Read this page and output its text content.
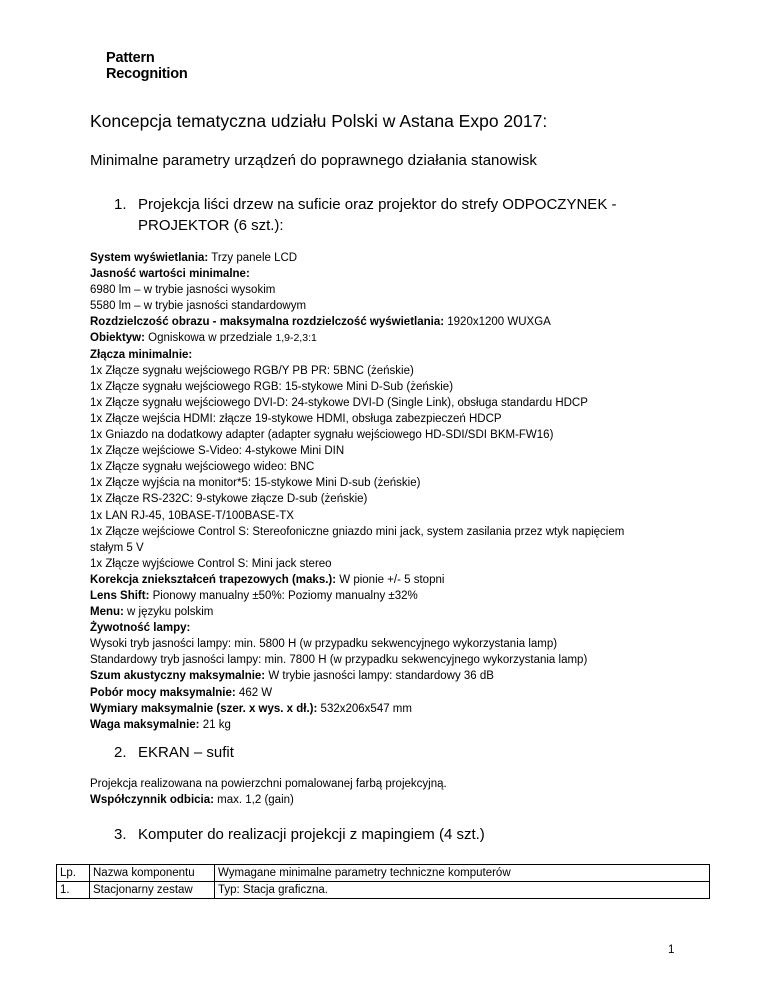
Pattern
Recognition
Koncepcja tematyczna udziału Polski w Astana Expo 2017:
Minimalne parametry urządzeń do poprawnego działania stanowisk
1. Projekcja liści drzew na suficie oraz projektor do strefy ODPOCZYNEK - PROJEKTOR (6 szt.):
System wyświetlania: Trzy panele LCD
Jasność wartości minimalne:
6980 lm – w trybie jasności wysokim
5580 lm – w trybie jasności standardowym
Rozdzielczość obrazu - maksymalna rozdzielczość wyświetlania: 1920x1200 WUXGA
Obiektyw: Ogniskowa w przedziale 1,9-2,3:1
Złącza minimalnie:
1x Złącze sygnału wejściowego RGB/Y PB PR: 5BNC (żeńskie)
1x Złącze sygnału wejściowego RGB: 15-stykowe Mini D-Sub (żeńskie)
1x Złącze sygnału wejściowego DVI-D: 24-stykowe DVI-D (Single Link), obsługa standardu HDCP
1x Złącze wejścia HDMI: złącze 19-stykowe HDMI, obsługa zabezpieczeń HDCP
1x Gniazdo na dodatkowy adapter (adapter sygnału wejściowego HD-SDI/SDI BKM-FW16)
1x Złącze wejściowe S-Video: 4-stykowe Mini DIN
1x Złącze sygnału wejściowego wideo: BNC
1x Złącze wyjścia na monitor*5: 15-stykowe Mini D-sub (żeńskie)
1x Złącze RS-232C: 9-stykowe złącze D-sub (żeńskie)
1x LAN RJ-45, 10BASE-T/100BASE-TX
1x Złącze wejściowe Control S: Stereofoniczne gniazdo mini jack, system zasilania przez wtyk napięciem stałym 5 V
1x Złącze wyjściowe Control S: Mini jack stereo
Korekcja zniekształceń trapezowych (maks.): W pionie +/- 5 stopni
Lens Shift: Pionowy manualny ±50%: Poziomy manualny ±32%
Menu: w języku polskim
Żywotność lampy:
Wysoki tryb jasności lampy: min. 5800 H (w przypadku sekwencyjnego wykorzystania lamp)
Standardowy tryb jasności lampy: min. 7800 H (w przypadku sekwencyjnego wykorzystania lamp)
Szum akustyczny maksymalnie: W trybie jasności lampy: standardowy 36 dB
Pobór mocy maksymalnie: 462 W
Wymiary maksymalnie (szer. x wys. x dł.): 532x206x547 mm
Waga maksymalnie: 21 kg
2. EKRAN – sufit
Projekcja realizowana na powierzchni pomalowanej farbą projekcyjną.
Współczynnik odbicia: max. 1,2 (gain)
3. Komputer do realizacji projekcji z mapingiem (4 szt.)
Lp.	Nazwa komponentu	Wymagane minimalne parametry techniczne komputerów
1.	Stacjonarny zestaw	Typ: Stacja graficzna.
1
